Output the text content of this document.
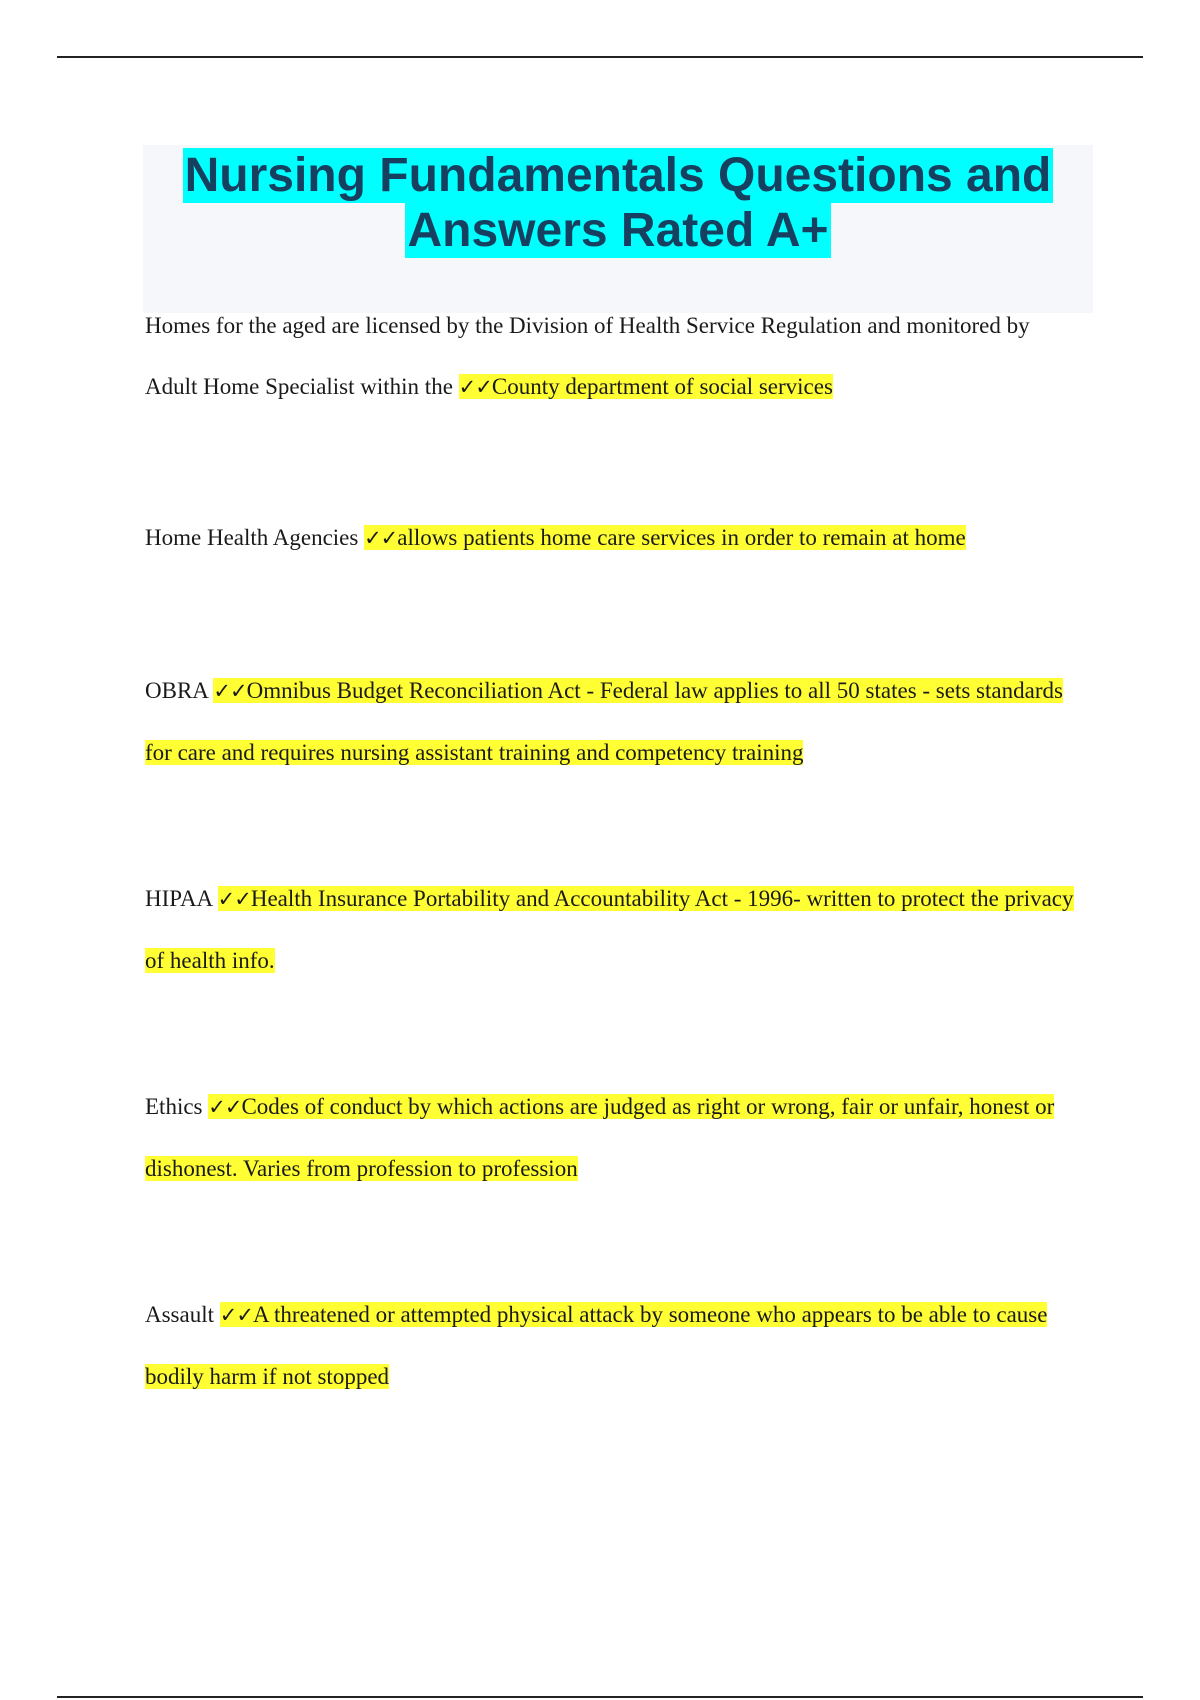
Nursing Fundamentals Questions and
Answers Rated A+

Homes for the aged are licensed by the Division of Health Service Regulation and monitored by Adult Home Specialist within the ✓✓County department of social services

Home Health Agencies ✓✓allows patients home care services in order to remain at home

OBRA ✓✓Omnibus Budget Reconciliation Act - Federal law applies to all 50 states - sets standards for care and requires nursing assistant training and competency training

HIPAA ✓✓Health Insurance Portability and Accountability Act - 1996- written to protect the privacy of health info.

Ethics ✓✓Codes of conduct by which actions are judged as right or wrong, fair or unfair, honest or dishonest. Varies from profession to profession

Assault ✓✓A threatened or attempted physical attack by someone who appears to be able to cause bodily harm if not stopped
